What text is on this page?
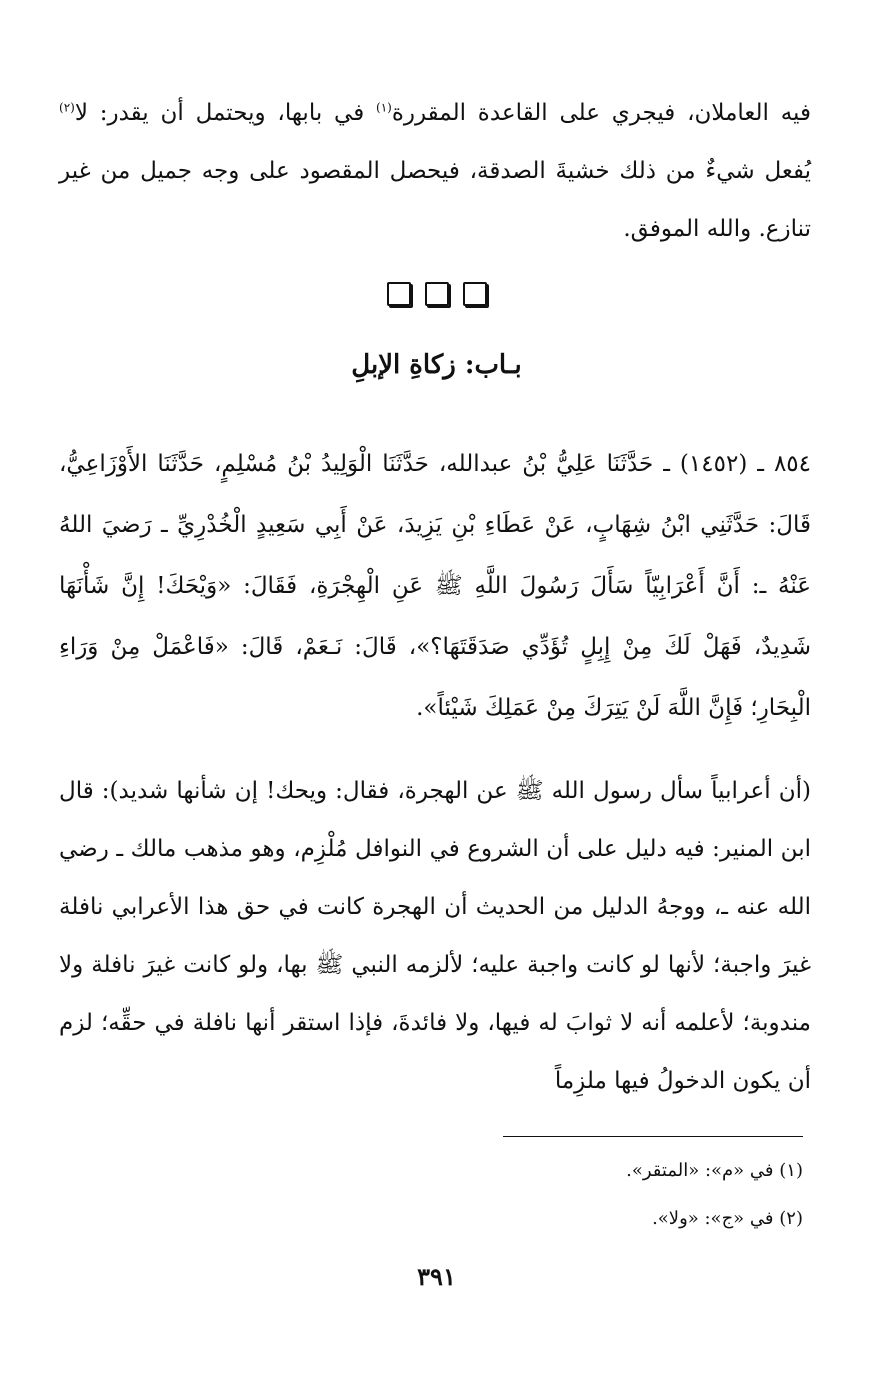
فيه العاملان، فيجري على القاعدة المقررة$^{(١)}$ في بابها، ويحتمل أن يقدر: لا$^{(٢)}$ يُفعل شيءٌ من ذلك خشيةَ الصدقة، فيحصل المقصود على وجه جميل من غير تنازع. والله الموفق.

بـاب: زكاةِ الإبلِ

٨٥٤ ـ (١٤٥٢) ـ حَدَّثَنَا عَلِيُّ بْنُ عبدالله، حَدَّثَنَا الْوَلِيدُ بْنُ مُسْلِمٍ، حَدَّثَنَا الأَوْزَاعِيُّ، قَالَ: حَدَّثَنِي ابْنُ شِهَابٍ، عَنْ عَطَاءِ بْنِ يَزِيدَ، عَنْ أَبِي سَعِيدٍ الْخُدْرِيِّ ـ رَضيَ اللهُ عَنْهُ ـ: أَنَّ أَعْرَابِيّاً سَأَلَ رَسُولَ اللَّهِ ﷺ عَنِ الْهِجْرَةِ، فَقَالَ: «وَيْحَكَ! إِنَّ شَأْنَهَا شَدِيدٌ، فَهَلْ لَكَ مِنْ إِبِلٍ تُؤَدِّي صَدَقَتَهَا؟»، قَالَ: نَـعَمْ، قَالَ: «فَاعْمَلْ مِنْ وَرَاءِ الْبِحَارِ؛ فَإِنَّ اللَّهَ لَنْ يَتِرَكَ مِنْ عَمَلِكَ شَيْئاً».

(أن أعرابياً سأل رسول الله ﷺ عن الهجرة، فقال: ويحك! إن شأنها شديد): قال ابن المنير: فيه دليل على أن الشروع في النوافل مُلْزِم، وهو مذهب مالك ـ رضي الله عنه ـ، ووجهُ الدليل من الحديث أن الهجرة كانت في حق هذا الأعرابي نافلة غيرَ واجبة؛ لأنها لو كانت واجبة عليه؛ لألزمه النبي ﷺ بها، ولو كانت غيرَ نافلة ولا مندوبة؛ لأعلمه أنه لا ثوابَ له فيها، ولا فائدةَ، فإذا استقر أنها نافلة في حقِّه؛ لزم أن يكون الدخولُ فيها ملزِماً

(١) في «م»: «المتقر».
(٢) في «ج»: «ولا».
٣٩١
